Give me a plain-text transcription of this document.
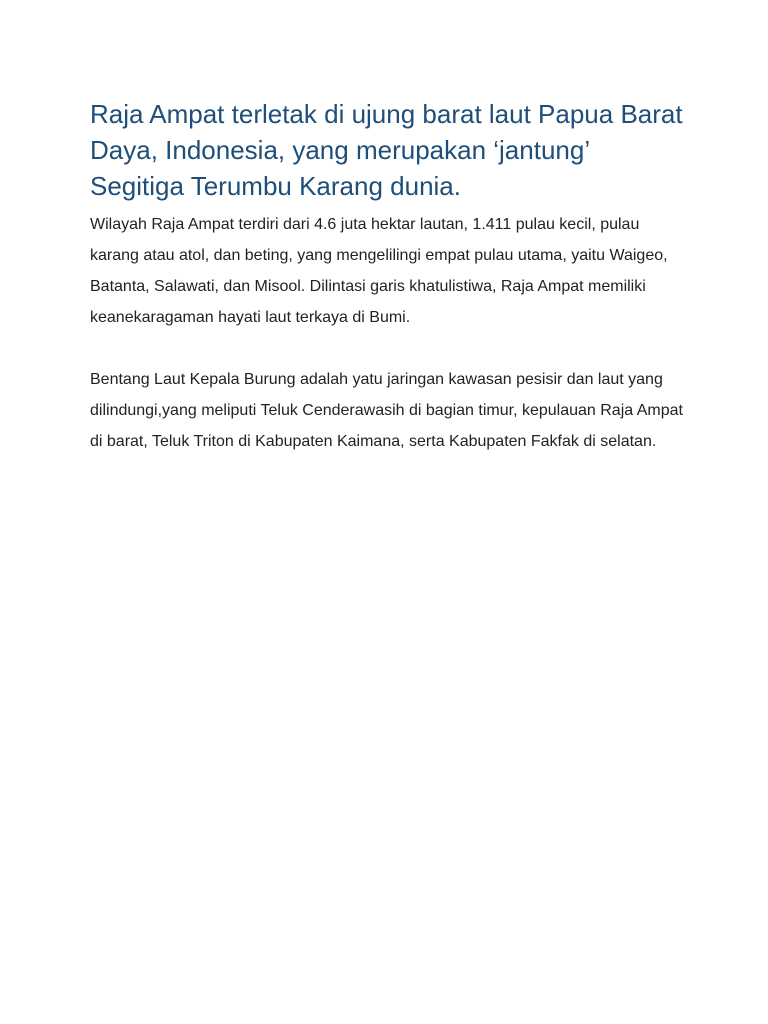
Raja Ampat terletak di ujung barat laut Papua Barat Daya, Indonesia, yang merupakan ‘jantung’ Segitiga Terumbu Karang dunia.

Wilayah Raja Ampat terdiri dari 4.6 juta hektar lautan, 1.411 pulau kecil, pulau karang atau atol, dan beting, yang mengelilingi empat pulau utama, yaitu Waigeo, Batanta, Salawati, dan Misool. Dilintasi garis khatulistiwa, Raja Ampat memiliki keanekaragaman hayati laut terkaya di Bumi.

Bentang Laut Kepala Burung adalah yatu jaringan kawasan pesisir dan laut yang dilindungi,yang meliputi Teluk Cenderawasih di bagian timur, kepulauan Raja Ampat di barat, Teluk Triton di Kabupaten Kaimana, serta Kabupaten Fakfak di selatan.
